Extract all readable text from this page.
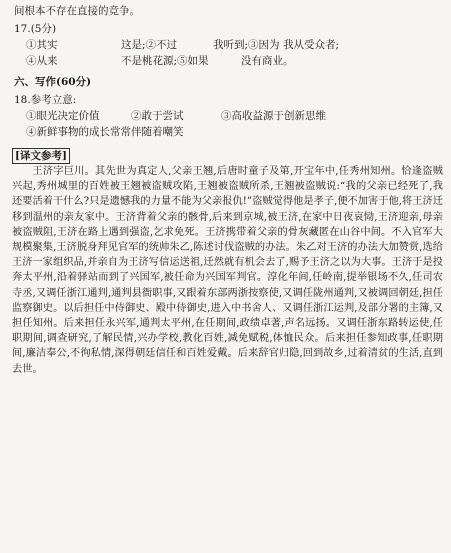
间根本不存在直接的竞争。
17.(5分)
①其实	这是;②不过	我听到;③因为 我从受众者;
④从来	不是桃花源;⑤如果	没有商业。
六、写作(60分)
18.参考立意:
①眼光决定价值	②敢于尝试	③高收益源于创新思维
④新鲜事物的成长常常伴随着嘲笑
[译文参考]

王济字巨川。其先世为真定人,父亲王翘,后唐时童子及第,开宝年中,任秀州知州。恰逢盗贼兴起,秀州城里的百姓被王翘被盗贼攻陷,王翘被盗贼所杀,王翘被盗贼说:“我的父亲已经死了,我还要活着干什么?只是遗憾我的力量不能为父亲报仇!”盗贼觉得他是孝子,便不加害于他,将王济迁移到温州的亲友家中。王济背着父亲的骸骨,后来到京城,被王济,在家中日夜哀恸,王济迎亲,母亲被盗贼阻,王济在路上遇到强盗,乞求免死。王济携带着父亲的骨灰藏匿在山谷中间。不入官军大规模聚集,王济脱身拜见官军的统帅朱乙,陈述讨伐盗贼的办法。朱乙对王济的办法大加赞赏,选给王济一家组织品,并亲自为王济写信运送祖,迁然就有机会去了,赐予王济之以为大事。王济于是投奔太平州,沿着驿站而到了兴国军,被任命为兴国军判官。淳化年间,任岭南,提举银场不久,任司农寺丞,又调任浙江通判,通判县衙职事,又跟着东部两浙按察使,又调任陇州通判,又被调回朝廷,担任监察御史。以后担任中侍御史、殿中侍御史,进入中书舍人、又调任浙江运判,及部分署的主簿,又担任知州。后来担任永兴军,通判太平州,在任期间,政绩卓著,声名远扬。又调任浙东路转运使,任职期间,调查研究,了解民情,兴办学校,教化百姓,减免赋税,体恤民众。后来担任参知政事,任职期间,廉洁奉公,不徇私情,深得朝廷信任和百姓爱戴。后来辞官归隐,回到故乡,过着清贫的生活,直到去世。
